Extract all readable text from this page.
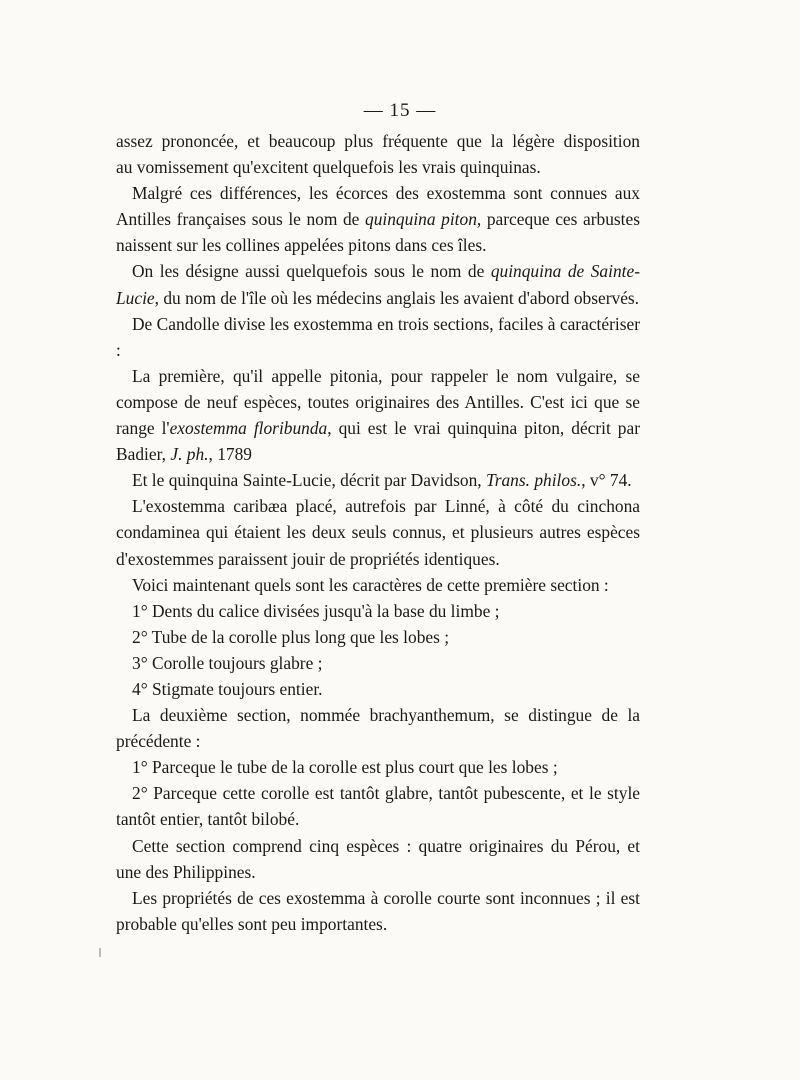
— 15 —

assez prononcée, et beaucoup plus fréquente que la légère disposition
au vomissement qu'excitent quelquefois les vrais quinquinas.

Malgré ces différences, les écorces des exostemma sont connues aux Antilles françaises sous le nom de quinquina piton, parceque ces arbustes naissent sur les collines appelées pitons dans ces îles.

On les désigne aussi quelquefois sous le nom de quinquina de Sainte-Lucie, du nom de l'île où les médecins anglais les avaient d'abord observés.

De Candolle divise les exostemma en trois sections, faciles à caractériser :

La première, qu'il appelle pitonia, pour rappeler le nom vulgaire, se compose de neuf espèces, toutes originaires des Antilles. C'est ici que se range l'exostemma floribunda, qui est le vrai quinquina piton, décrit par Badier, J. ph., 1789

Et le quinquina Sainte-Lucie, décrit par Davidson, Trans. philos., v° 74.

L'exostemma caribæa placé, autrefois par Linné, à côté du cinchona condaminea qui étaient les deux seuls connus, et plusieurs autres espèces d'exostemmes paraissent jouir de propriétés identiques.

Voici maintenant quels sont les caractères de cette première section :

1° Dents du calice divisées jusqu'à la base du limbe ;

2° Tube de la corolle plus long que les lobes ;

3° Corolle toujours glabre ;

4° Stigmate toujours entier.

La deuxième section, nommée brachyanthemum, se distingue de la précédente :

1° Parceque le tube de la corolle est plus court que les lobes ;

2° Parceque cette corolle est tantôt glabre, tantôt pubescente, et le style tantôt entier, tantôt bilobé.

Cette section comprend cinq espèces : quatre originaires du Pérou, et une des Philippines.

Les propriétés de ces exostemma à corolle courte sont inconnues ; il est probable qu'elles sont peu importantes.
